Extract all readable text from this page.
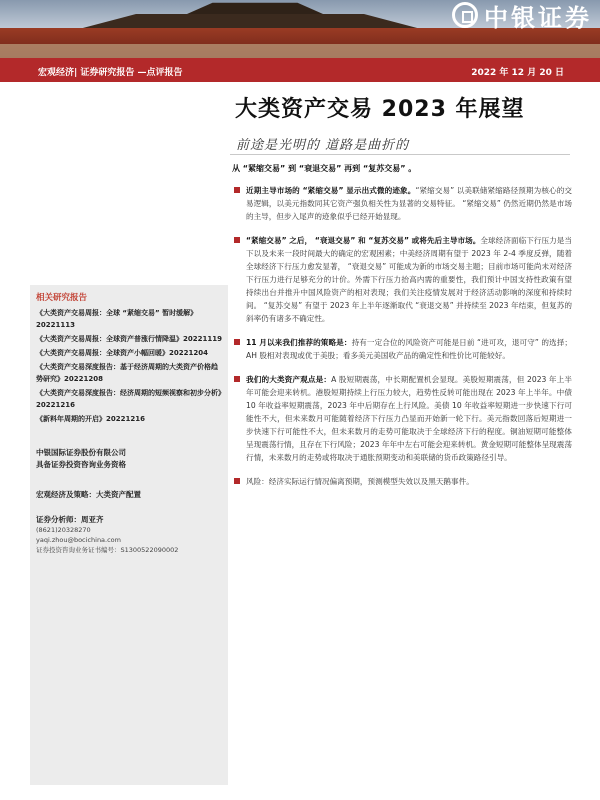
中银证券
宏观经济| 证券研究报告 —点评报告	2022 年 12 月 20 日
大类资产交易 2023 年展望
前途是光明的 道路是曲折的
从 “紧缩交易” 到 “衰退交易” 再到 “复苏交易” 。
近期主导市场的 “紧缩交易” 显示出式微的迹象。“紧缩交易” 以美联储紧缩路径预期为核心的交易逻辑，以美元指数同其它资产强负相关性为显著的交易特征。 “紧缩交易” 仍然近期仍然是市场的主导，但步入尾声的迹象似乎已经开始显现。
“紧缩交易” 之后， “衰退交易” 和 “复苏交易” 或将先后主导市场。全球经济面临下行压力是当下以及未来一段时间最大的确定的宏观困素；中美经济周期有望于 2023 年 2-4 季度反弹，随着全球经济下行压力愈发显著， “衰退交易” 可能成为新的市场交易主题；目前市场可能尚未对经济下行压力进行足够充分的计价。外需下行压力抬高内需的重要性，我们预计中国支持性政策有望持续出台并推升中国风险资产的相对表现；我们关注疫情发展对于经济活动影响的深度和持续时间。 “复苏交易” 有望于 2023 年上半年逐渐取代 “衰退交易” 并持续至 2023 年结束，但复苏的斜率仍有诸多不确定性。
11 月以来我们推荐的策略是：持有一定合位的风险资产可能是日前 “进可攻，退可守” 的选择；AH 股相对表现或优于美股；看多美元美国收产品的确定性和性价比可能较好。
我们的大类资产观点是：A 股短期震荡，中长期配置机会显现。美股短期震荡，但 2023 年上半年可能会迎来转机。港股短期持续上行压力较大，趋势性反转可能出现在 2023 年上半年。中债 10 年收益率短期震荡，2023 年中后期存在上行风险。美债 10 年收益率短期进一步快速下行可能性不大，但未来数月可能随着经济下行压力凸显而开始新一轮下行。美元指数回落后短期进一步快速下行可能性不大，但未来数月的走势可能取决于全球经济下行的程度。铜油短期可能整体呈现震荡行情，且存在下行风险；2023 年年中左右可能会迎来转机。黄金短期可能整体呈现震荡行情，未来数月的走势或将取决于通胀预期变动和美联储的货币政策路径引导。
风险：经济实际运行情况偏离预期，预测模型失效以及黑天鹅事件。
相关研究报告
《大类资产交易周报：全球 “紧缩交易” 暂时缓解》20221113
《大类资产交易周报：全球资产普涨行情降温》20221119
《大类资产交易周报：全球资产小幅回暖》20221204
《大类资产交易深度报告：基于经济周期的大类资产价格趋势研究》20221208
《大类资产交易深度报告：经济周期的短频视察和初步分析》20221216
《新料年周期的开启》20221216
中银国际证券股份有限公司
具备证券投资咨询业务资格
宏观经济及策略：大类资产配置
证券分析师：周亚齐
(8621)20328270
yaqi.zhou@bocichina.com
证券投资咨询业务证书编号：S1300522090002
